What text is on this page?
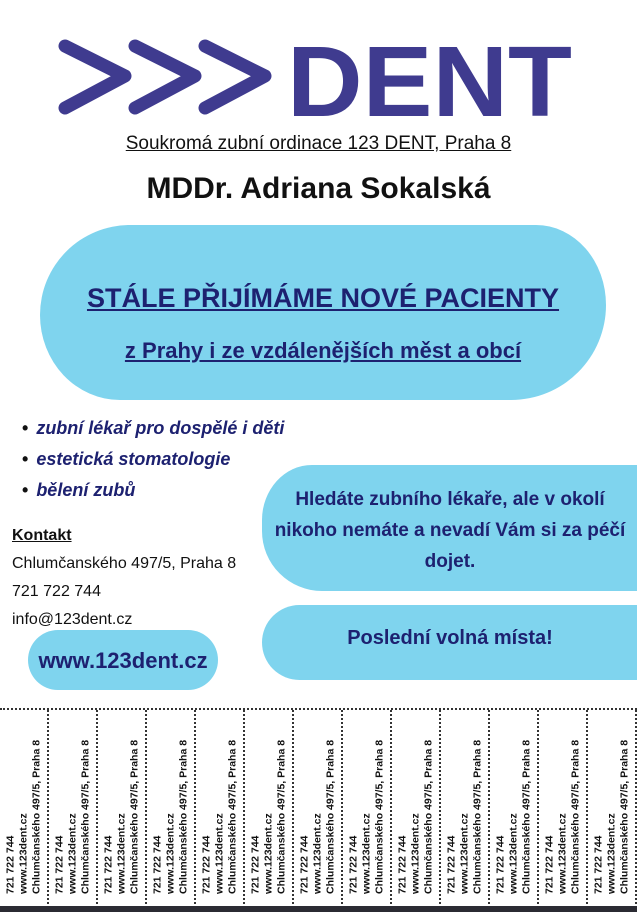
DENT
Soukromá zubní ordinace 123 DENT, Praha 8
MDDr. Adriana Sokalská
STÁLE PŘIJÍMÁME NOVÉ PACIENTY
z Prahy i ze vzdálenějších měst a obcí
• zubní lékař pro dospělé i děti
• estetická stomatologie
• bělení zubů
Kontakt
Chlumčanského 497/5, Praha 8
721 722 744
info@123dent.cz
www.123dent.cz
Hledáte zubního lékaře, ale v okolí nikoho nemáte a nevadí Vám si za péčí dojet.
Poslední volná místa!
721 722 744 www.123dent.cz Chlumčanského 497/5, Praha 8 721 722 744 www.123dent.cz Chlumčanského 497/5, Praha 8 721 722 744 www.123dent.cz Chlumčanského 497/5, Praha 8 721 722 744 www.123dent.cz Chlumčanského 497/5, Praha 8 721 722 744 www.123dent.cz Chlumčanského 497/5, Praha 8 721 722 744 www.123dent.cz Chlumčanského 497/5, Praha 8 721 722 744 www.123dent.cz Chlumčanského 497/5, Praha 8 721 722 744 www.123dent.cz Chlumčanského 497/5, Praha 8 721 722 744 www.123dent.cz Chlumčanského 497/5, Praha 8 721 722 744 www.123dent.cz Chlumčanského 497/5, Praha 8 721 722 744 www.123dent.cz Chlumčanského 497/5, Praha 8 721 722 744 www.123dent.cz Chlumčanského 497/5, Praha 8 721 722 744 www.123dent.cz Chlumčanského 497/5, Praha 8
